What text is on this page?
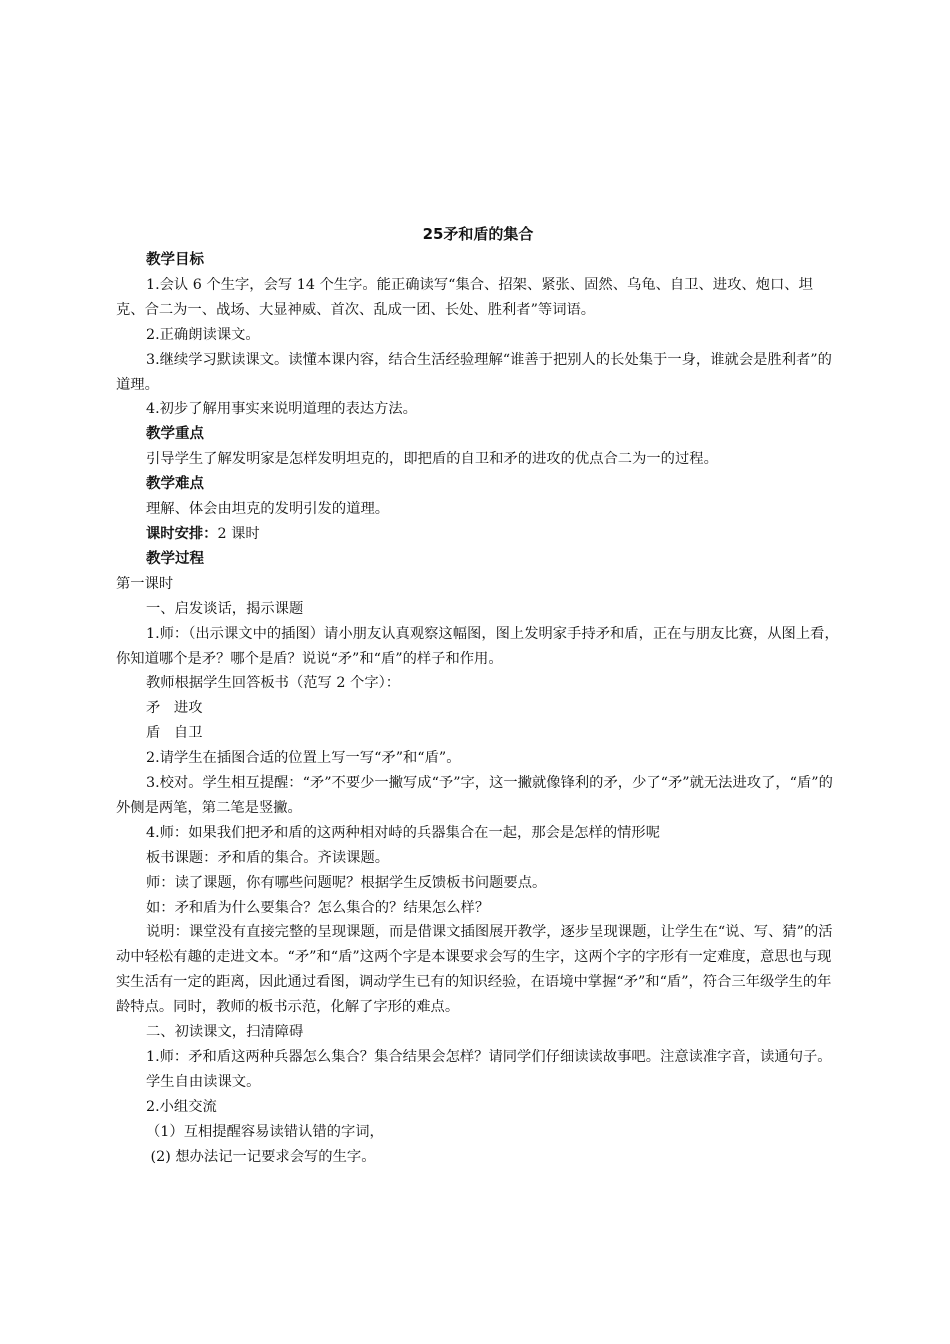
25矛和盾的集合

教学目标

1.会认 6 个生字，会写 14 个生字。能正确读写“集合、招架、紧张、固然、乌龟、自卫、进攻、炮口、坦克、合二为一、战场、大显神威、首次、乱成一团、长处、胜利者”等词语。

2.正确朗读课文。

3.继续学习默读课文。读懂本课内容，结合生活经验理解“谁善于把别人的长处集于一身，谁就会是胜利者”的道理。

4.初步了解用事实来说明道理的表达方法。

教学重点

引导学生了解发明家是怎样发明坦克的，即把盾的自卫和矛的进攻的优点合二为一的过程。

教学难点

理解、体会由坦克的发明引发的道理。

课时安排：2 课时

教学过程

第一课时

一、启发谈话，揭示课题

1.师：（出示课文中的插图）请小朋友认真观察这幅图，图上发明家手持矛和盾，正在与朋友比赛，从图上看，你知道哪个是矛？哪个是盾？说说“矛”和“盾”的样子和作用。

教师根据学生回答板书（范写 2 个字）：

矛   进攻

盾   自卫

2.请学生在插图合适的位置上写一写“矛”和“盾”。

3.校对。学生相互提醒：“矛”不要少一撇写成“予”字，这一撇就像锋利的矛，少了“矛”就无法进攻了，“盾”的外侧是两笔，第二笔是竖撇。

4.师：如果我们把矛和盾的这两种相对峙的兵器集合在一起，那会是怎样的情形呢

板书课题：矛和盾的集合。齐读课题。

师：读了课题，你有哪些问题呢？根据学生反馈板书问题要点。

如：矛和盾为什么要集合？怎么集合的？结果怎么样？

说明：课堂没有直接完整的呈现课题，而是借课文插图展开教学，逐步呈现课题，让学生在“说、写、猜”的活动中轻松有趣的走进文本。“矛”和“盾”这两个字是本课要求会写的生字，这两个字的字形有一定难度，意思也与现实生活有一定的距离，因此通过看图，调动学生已有的知识经验，在语境中掌握“矛”和“盾”，符合三年级学生的年龄特点。同时，教师的板书示范，化解了字形的难点。

二、初读课文，扫清障碍

1.师：矛和盾这两种兵器怎么集合？集合结果会怎样？请同学们仔细读读故事吧。注意读准字音，读通句子。

学生自由读课文。

2.小组交流

（1）互相提醒容易读错认错的字词，

(2) 想办法记一记要求会写的生字。
